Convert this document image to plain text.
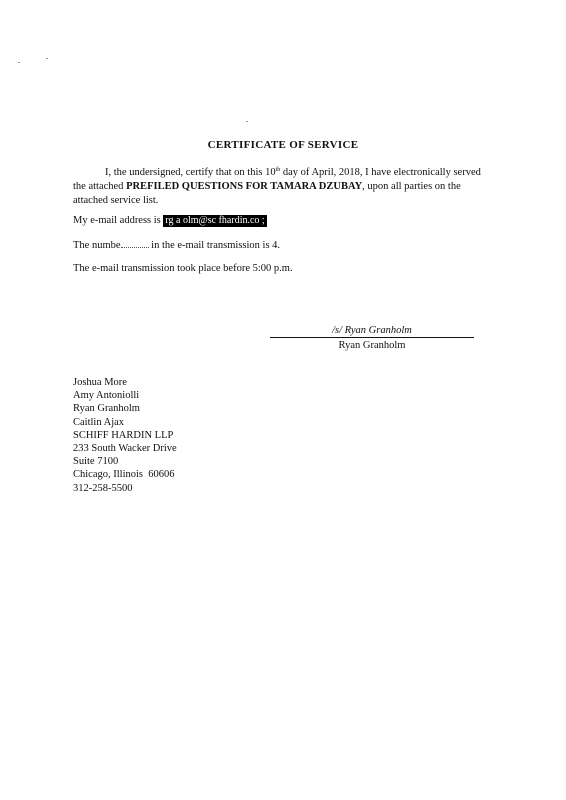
CERTIFICATE OF SERVICE
I, the undersigned, certify that on this 10th day of April, 2018, I have electronically served the attached PREFILED QUESTIONS FOR TAMARA DZUBAY, upon all parties on the attached service list.
My e-mail address is rg a olm@sc fhardin.co ;
The numbe	in the e-mail transmission is 4.
The e-mail transmission took place before 5:00 p.m.
/s/ Ryan Granholm
Ryan Granholm
Joshua More
Amy Antoniolli
Ryan Granholm
Caitlin Ajax
SCHIFF HARDIN LLP
233 South Wacker Drive
Suite 7100
Chicago, Illinois  60606
312-258-5500
